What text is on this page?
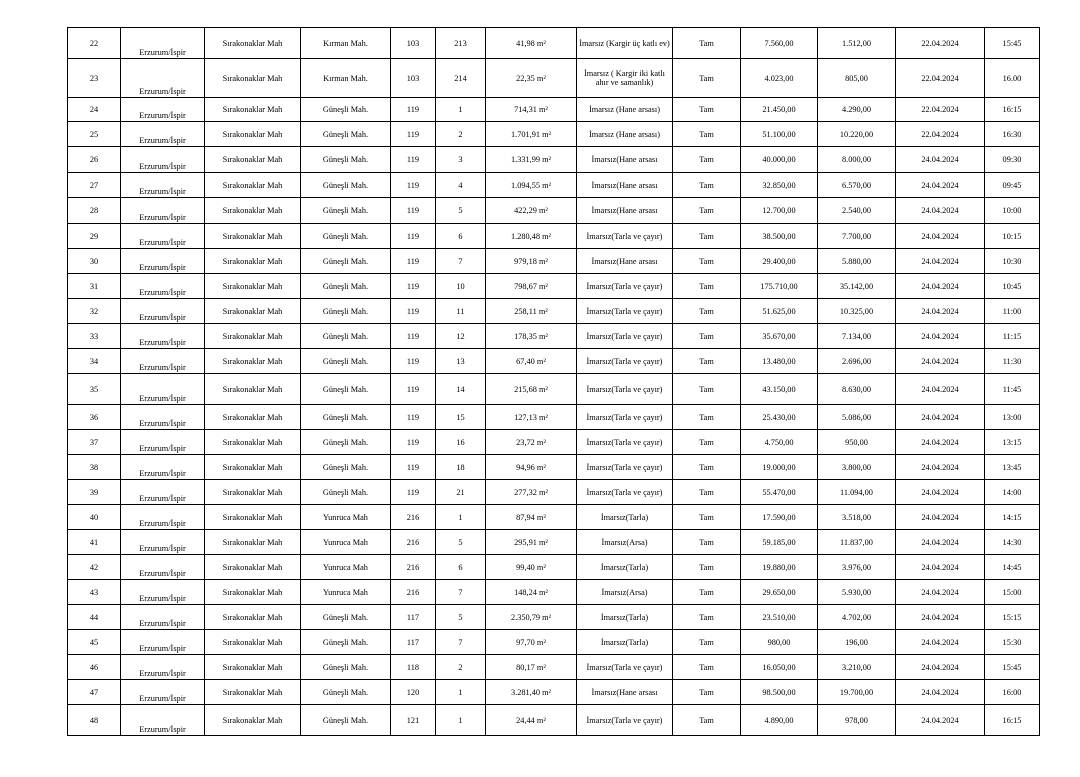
22	Erzurum/İspir	Sırakonaklar Mah	Kırman Mah.	103	213	41,98 m²	İmarsız (Kargir üç katlı ev)	Tam	7.560,00	1.512,00	22.04.2024	15:45
23	Erzurum/İspir	Sırakonaklar Mah	Kırman Mah.	103	214	22,35 m²	İmarsız ( Kargir iki katlı ahır ve samanlık)	Tam	4.023,00	805,00	22.04.2024	16.00
24	Erzurum/İspir	Sırakonaklar Mah	Güneşli Mah.	119	1	714,31 m²	İmarsız (Hane arsası)	Tam	21.450,00	4.290,00	22.04.2024	16:15
25	Erzurum/İspir	Sırakonaklar Mah	Güneşli Mah.	119	2	1.701,91 m²	İmarsız (Hane arsası)	Tam	51.100,00	10.220,00	22.04.2024	16:30
26	Erzurum/İspir	Sırakonaklar Mah	Güneşli Mah.	119	3	1.331,99 m²	İmarsız(Hane arsası	Tam	40.000,00	8.000,00	24.04.2024	09:30
27	Erzurum/İspir	Sırakonaklar Mah	Güneşli Mah.	119	4	1.094,55 m²	İmarsız(Hane arsası	Tam	32.850,00	6.570,00	24.04.2024	09:45
28	Erzurum/İspir	Sırakonaklar Mah	Güneşli Mah.	119	5	422,29 m²	İmarsız(Hane arsası	Tam	12.700,00	2.540,00	24.04.2024	10:00
29	Erzurum/İspir	Sırakonaklar Mah	Güneşli Mah.	119	6	1.280,48 m²	İmarsız(Tarla ve çayır)	Tam	38.500,00	7.700,00	24.04.2024	10:15
30	Erzurum/İspir	Sırakonaklar Mah	Güneşli Mah.	119	7	979,18 m²	İmarsız(Hane arsası	Tam	29.400,00	5.880,00	24.04.2024	10:30
31	Erzurum/İspir	Sırakonaklar Mah	Güneşli Mah.	119	10	798,67 m²	İmarsız(Tarla ve çayır)	Tam	175.710,00	35.142,00	24.04.2024	10:45
32	Erzurum/İspir	Sırakonaklar Mah	Güneşli Mah.	119	11	258,11 m²	İmarsız(Tarla ve çayır)	Tam	51.625,00	10.325,00	24.04.2024	11:00
33	Erzurum/İspir	Sırakonaklar Mah	Güneşli Mah.	119	12	178,35 m²	İmarsız(Tarla ve çayır)	Tam	35.670,00	7.134,00	24.04.2024	11:15
34	Erzurum/İspir	Sırakonaklar Mah	Güneşli Mah.	119	13	67,40 m²	İmarsız(Tarla ve çayır)	Tam	13.480,00	2.696,00	24.04.2024	11:30
35	Erzurum/İspir	Sırakonaklar Mah	Güneşli Mah.	119	14	215,68 m²	İmarsız(Tarla ve çayır)	Tam	43.150,00	8.630,00	24.04.2024	11:45
36	Erzurum/İspir	Sırakonaklar Mah	Güneşli Mah.	119	15	127,13 m²	İmarsız(Tarla ve çayır)	Tam	25.430,00	5.086,00	24.04.2024	13:00
37	Erzurum/İspir	Sırakonaklar Mah	Güneşli Mah.	119	16	23,72 m²	İmarsız(Tarla ve çayır)	Tam	4.750,00	950,00	24.04.2024	13:15
38	Erzurum/İspir	Sırakonaklar Mah	Güneşli Mah.	119	18	94,96 m²	İmarsız(Tarla ve çayır)	Tam	19.000,00	3.800,00	24.04.2024	13:45
39	Erzurum/İspir	Sırakonaklar Mah	Güneşli Mah.	119	21	277,32 m²	İmarsız(Tarla ve çayır)	Tam	55.470,00	11.094,00	24.04.2024	14:00
40	Erzurum/İspir	Sırakonaklar Mah	Yunruca Mah	216	1	87,94 m²	İmarsız(Tarla)	Tam	17.590,00	3.518,00	24.04.2024	14:15
41	Erzurum/İspir	Sırakonaklar Mah	Yunruca Mah	216	5	295,91 m²	İmarsız(Arsa)	Tam	59.185,00	11.837,00	24.04.2024	14:30
42	Erzurum/İspir	Sırakonaklar Mah	Yunruca Mah	216	6	99,40 m²	İmarsız(Tarla)	Tam	19.880,00	3.976,00	24.04.2024	14:45
43	Erzurum/İspir	Sırakonaklar Mah	Yunruca Mah	216	7	148,24 m²	İmarsız(Arsa)	Tam	29.650,00	5.930,00	24.04.2024	15:00
44	Erzurum/İspir	Sırakonaklar Mah	Güneşli Mah.	117	5	2.350,79 m²	İmarsız(Tarla)	Tam	23.510,00	4.702,00	24.04.2024	15:15
45	Erzurum/İspir	Sırakonaklar Mah	Güneşli Mah.	117	7	97,70 m²	İmarsız(Tarla)	Tam	980,00	196,00	24.04.2024	15:30
46	Erzurum/İspir	Sırakonaklar Mah	Güneşli Mah.	118	2	80,17 m²	İmarsız(Tarla ve çayır)	Tam	16.050,00	3.210,00	24.04.2024	15:45
47	Erzurum/İspir	Sırakonaklar Mah	Güneşli Mah.	120	1	3.281,40 m²	İmarsız(Hane arsası	Tam	98.500,00	19.700,00	24.04.2024	16:00
48	Erzurum/İspir	Sırakonaklar Mah	Güneşli Mah.	121	1	24,44 m²	İmarsız(Tarla ve çayır)	Tam	4.890,00	978,00	24.04.2024	16:15
